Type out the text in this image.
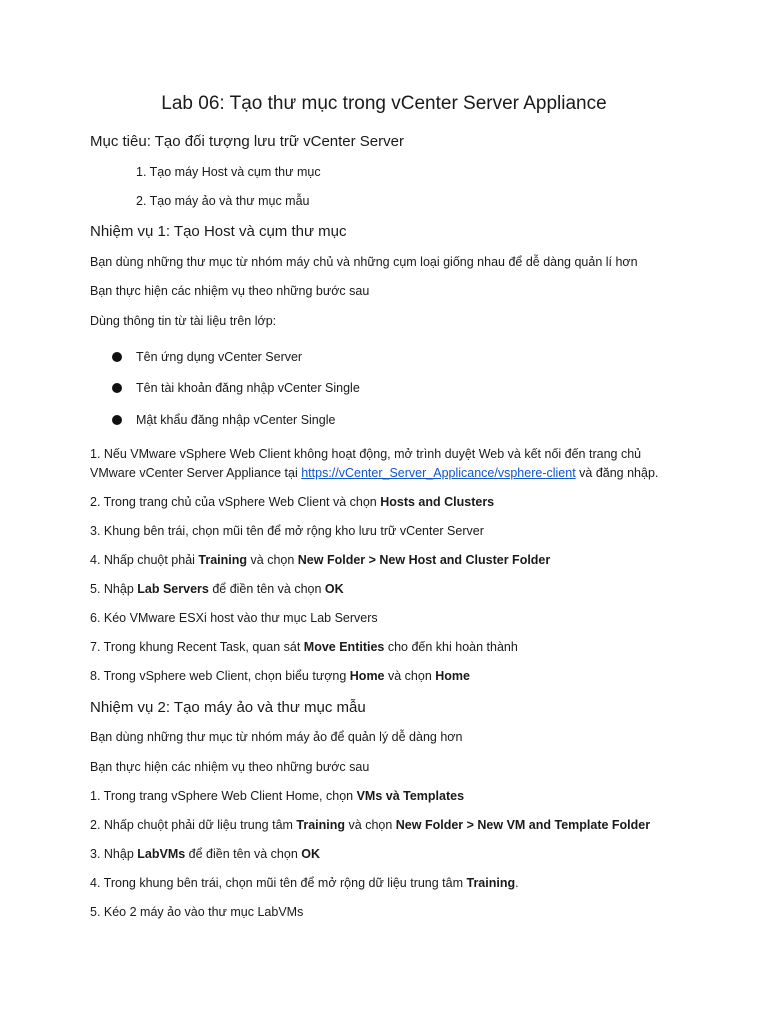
Lab 06: Tạo thư mục trong vCenter Server Appliance
Mục tiêu: Tạo đối tượng lưu trữ vCenter Server

1. Tạo máy Host và cụm thư mục

2. Tạo máy ảo và thư mục mẫu

Nhiệm vụ 1: Tạo Host và cụm thư mục

Bạn dùng những thư mục từ nhóm máy chủ và những cụm loại giống nhau để dễ dàng quản lí hơn

Bạn thực hiện các nhiệm vụ theo những bước sau

Dùng thông tin từ tài liệu trên lớp:

Tên ứng dụng vCenter Server

Tên tài khoản đăng nhập vCenter Single

Mật khẩu đăng nhập vCenter Single

1. Nếu VMware vSphere Web Client không hoạt động, mở trình duyệt Web và kết nối đến trang chủ

VMware vCenter Server Appliance tại https://vCenter_Server_Applicance/vsphere-client và đăng nhập.

2. Trong trang chủ của vSphere Web Client và chọn Hosts and Clusters

3. Khung bên trái, chọn mũi tên để mở rộng kho lưu trữ vCenter Server

4. Nhấp chuột phải Training và chọn New Folder > New Host and Cluster Folder

5. Nhập Lab Servers để điền tên và chọn OK

6. Kéo VMware ESXi host vào thư mục Lab Servers

7. Trong khung Recent Task, quan sát Move Entities cho đến khi hoàn thành

8. Trong vSphere web Client, chọn biểu tượng Home và chọn Home

Nhiệm vụ 2: Tạo máy ảo và thư mục mẫu

Bạn dùng những thư mục từ nhóm máy ảo để quản lý dễ dàng hơn

Bạn thực hiện các nhiệm vụ theo những bước sau

1. Trong trang vSphere Web Client Home, chọn VMs và Templates

2. Nhấp chuột phải dữ liệu trung tâm Training và chọn New Folder > New VM and Template Folder

3. Nhập LabVMs để điền tên và chọn OK

4. Trong khung bên trái, chọn mũi tên để mở rộng dữ liệu trung tâm Training.

5. Kéo 2 máy ảo vào thư mục LabVMs
